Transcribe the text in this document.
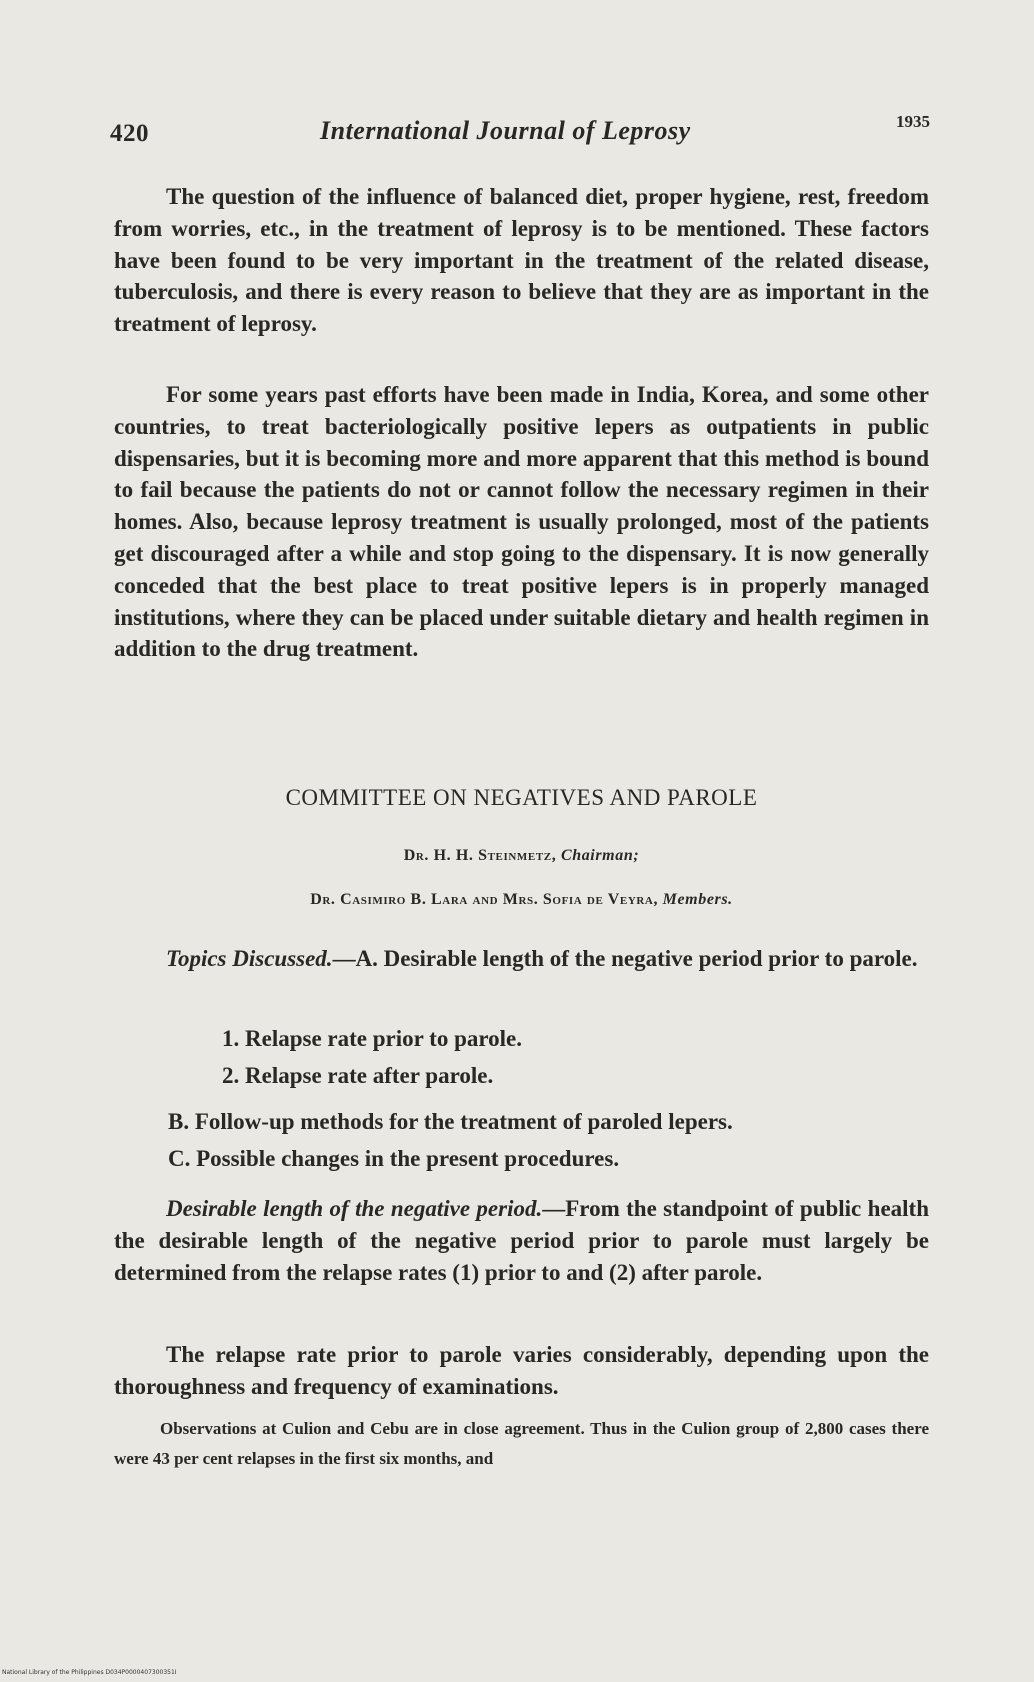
420	International Journal of Leprosy	1935
The question of the influence of balanced diet, proper hygiene, rest, freedom from worries, etc., in the treatment of leprosy is to be mentioned. These factors have been found to be very important in the treatment of the related disease, tuberculosis, and there is every reason to believe that they are as important in the treatment of leprosy.
For some years past efforts have been made in India, Korea, and some other countries, to treat bacteriologically positive lepers as outpatients in public dispensaries, but it is becoming more and more apparent that this method is bound to fail because the patients do not or cannot follow the necessary regimen in their homes. Also, because leprosy treatment is usually prolonged, most of the patients get discouraged after a while and stop going to the dispensary. It is now generally conceded that the best place to treat positive lepers is in properly managed institutions, where they can be placed under suitable dietary and health regimen in addition to the drug treatment.
COMMITTEE ON NEGATIVES AND PAROLE
Dr. H. H. Steinmetz, Chairman;
Dr. Casimiro B. Lara and Mrs. Sofia de Veyra, Members.
Topics Discussed.—A. Desirable length of the negative period prior to parole.
1. Relapse rate prior to parole.
2. Relapse rate after parole.
B. Follow-up methods for the treatment of paroled lepers.
C. Possible changes in the present procedures.
Desirable length of the negative period.—From the standpoint of public health the desirable length of the negative period prior to parole must largely be determined from the relapse rates (1) prior to and (2) after parole.
The relapse rate prior to parole varies considerably, depending upon the thoroughness and frequency of examinations.
Observations at Culion and Cebu are in close agreement. Thus in the Culion group of 2,800 cases there were 43 per cent relapses in the first six months, and
National Library of the Philippines D034P0000407300351I
